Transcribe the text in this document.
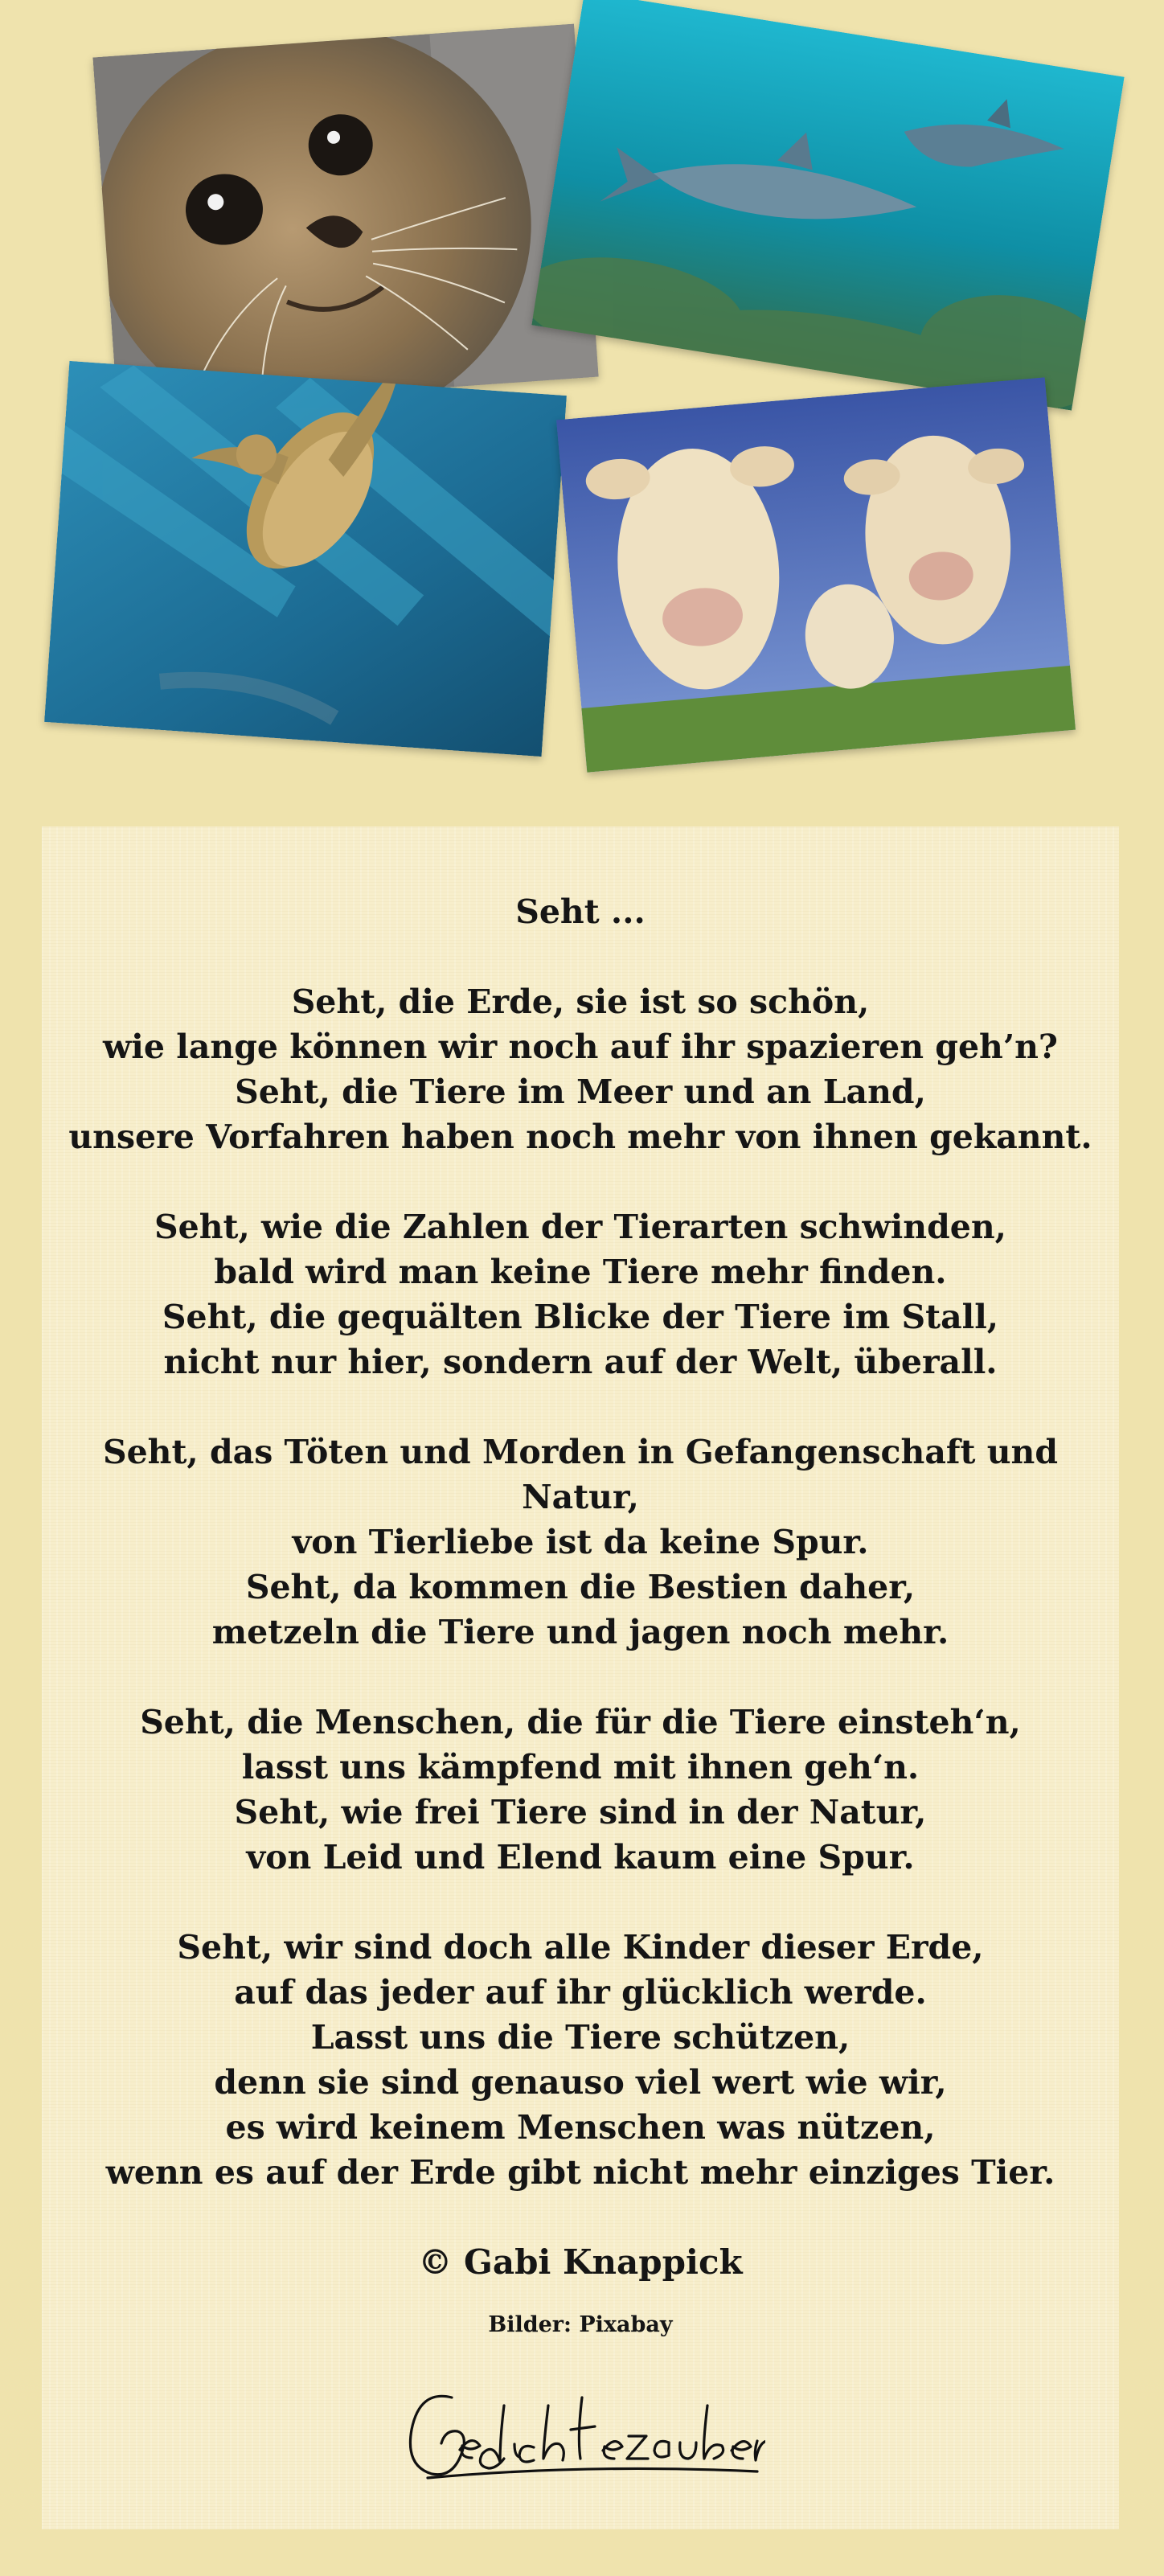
Seht ...

Seht, die Erde, sie ist so schön,

wie lange können wir noch auf ihr spazieren geh’n?

Seht, die Tiere im Meer und an Land,

unsere Vorfahren haben noch mehr von ihnen gekannt.

Seht, wie die Zahlen der Tierarten schwinden,

bald wird man keine Tiere mehr finden.

Seht, die gequälten Blicke der Tiere im Stall,

nicht nur hier, sondern auf der Welt, überall.

Seht, das Töten und Morden in Gefangenschaft und Natur,

von Tierliebe ist da keine Spur.

Seht, da kommen die Bestien daher,

metzeln die Tiere und jagen noch mehr.

Seht, die Menschen, die für die Tiere einsteh‘n,

lasst uns kämpfend mit ihnen geh‘n.

Seht, wie frei Tiere sind in der Natur,

von Leid und Elend kaum eine Spur.

Seht, wir sind doch alle Kinder dieser Erde,

auf das jeder auf ihr glücklich werde.

Lasst uns die Tiere schützen,

denn sie sind genauso viel wert wie wir,

es wird keinem Menschen was nützen,

wenn es auf der Erde gibt nicht mehr einziges Tier.

© Gabi Knappick

Bilder: Pixabay
